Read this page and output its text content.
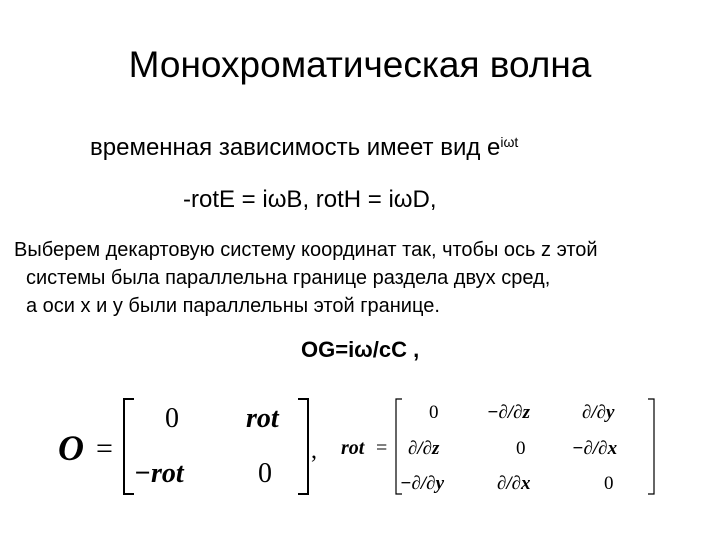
Монохроматическая волна
временная зависимость имеет вид $e^{i\omega t}$
-rotE = iωB, rotH = iωD,
Выберем декартовую систему координат так, чтобы ось z этой
системы была параллельна границе раздела двух сред,
а оси x и y были параллельны этой границе.
OG=iω/cC ,
O =
0 rot
−rot	0
, rot =
0	−∂/∂z	∂/∂y
∂/∂z	0 −∂/∂x
−∂/∂y	∂/∂x	0
